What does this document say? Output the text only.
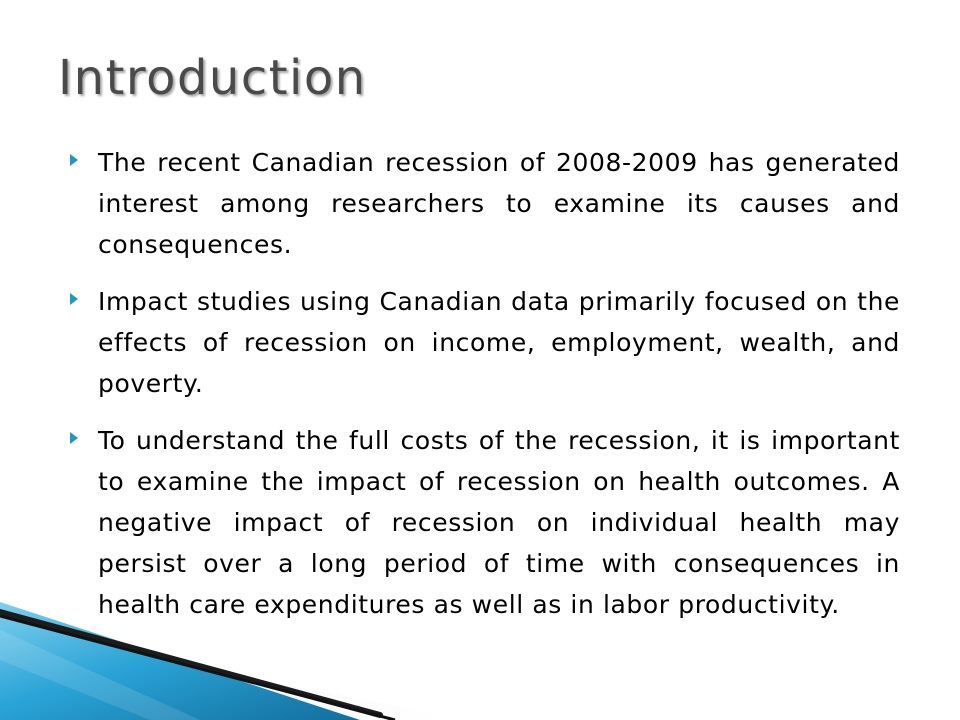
Introduction
The recent Canadian recession of 2008-2009 has generated interest among researchers to examine its causes and consequences.
Impact studies using Canadian data primarily focused on the effects of recession on income, employment, wealth, and poverty.
To understand the full costs of the recession, it is important to examine the impact of recession on health outcomes. A negative impact of recession on individual health may persist over a long period of time with consequences in health care expenditures as well as in labor productivity.
